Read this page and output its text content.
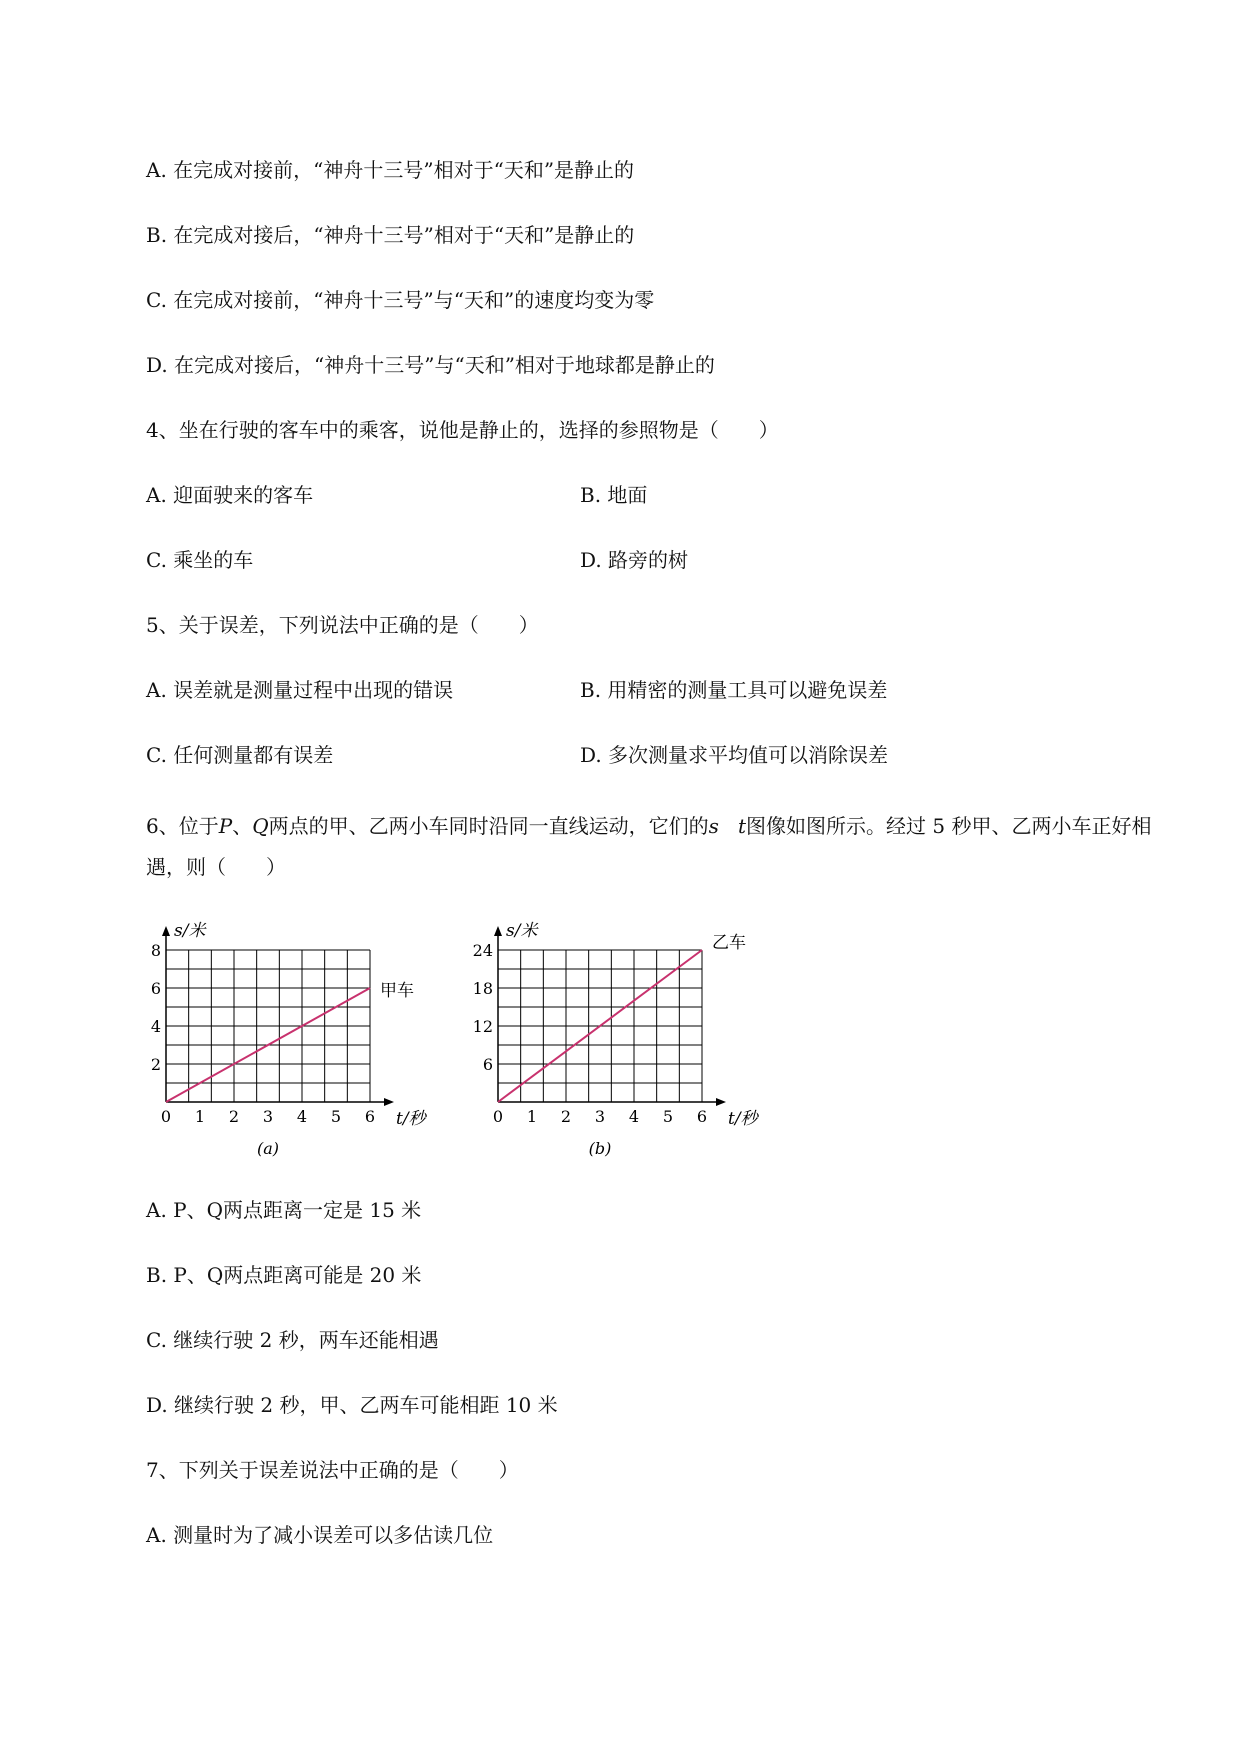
A. 在完成对接前，“神舟十三号”相对于“天和”是静止的
B. 在完成对接后，“神舟十三号”相对于“天和”是静止的
C. 在完成对接前，“神舟十三号”与“天和”的速度均变为零
D. 在完成对接后，“神舟十三号”与“天和”相对于地球都是静止的
4、坐在行驶的客车中的乘客，说他是静止的，选择的参照物是（　　）
A. 迎面驶来的客车	B. 地面
C. 乘坐的车	D. 路旁的树
5、关于误差，下列说法中正确的是（　　）
A. 误差就是测量过程中出现的错误	B. 用精密的测量工具可以避免误差
C. 任何测量都有误差	D. 多次测量求平均值可以消除误差
6、位于P、Q两点的甲、乙两小车同时沿同一直线运动，它们的s t图像如图所示。经过 5 秒甲、乙两小车正好相遇，则（　　）
0 1 2 3 4 5 6
2
4
6
8
s/米
t/秒
甲车
(a)
0 1 2 3 4 5 6
6
12
18
24
s/米
t/秒
乙车
(b)
A. P、Q两点距离一定是 15 米
B. P、Q两点距离可能是 20 米
C. 继续行驶 2 秒，两车还能相遇
D. 继续行驶 2 秒，甲、乙两车可能相距 10 米
7、下列关于误差说法中正确的是（　　）
A. 测量时为了减小误差可以多估读几位
